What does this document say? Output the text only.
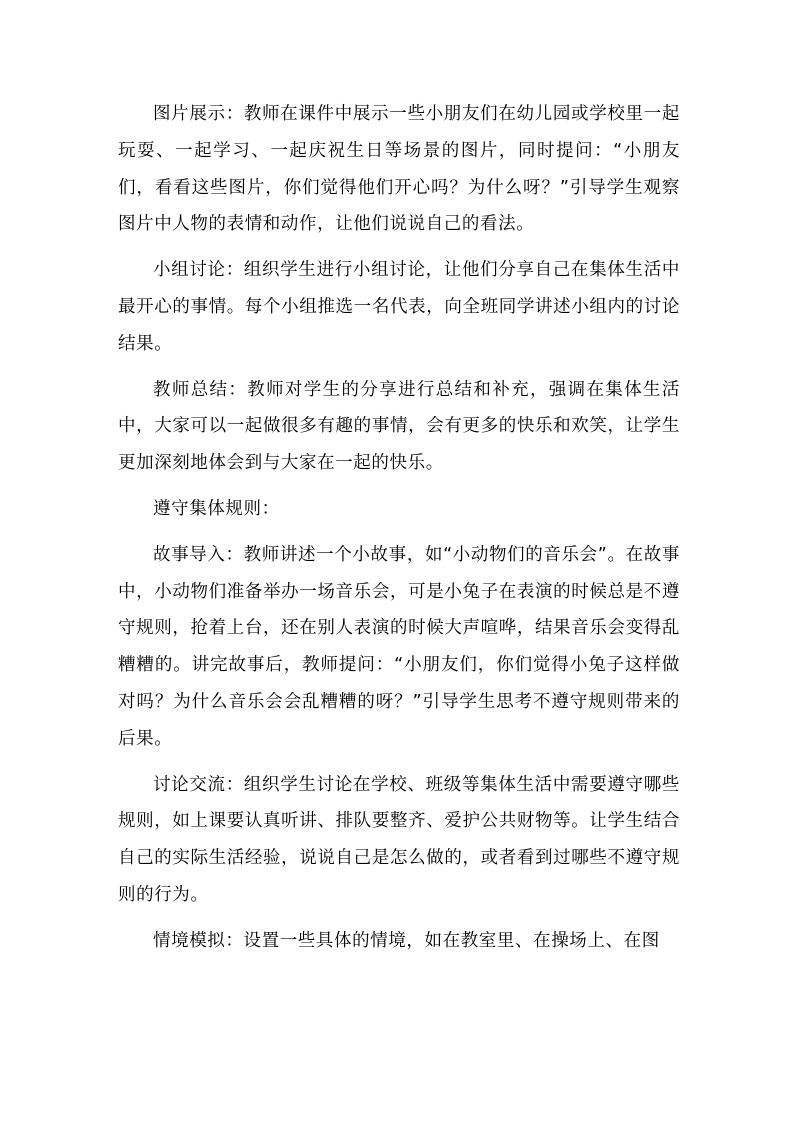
图片展示：教师在课件中展示一些小朋友们在幼儿园或学校里一起玩耍、一起学习、一起庆祝生日等场景的图片，同时提问：“小朋友们，看看这些图片，你们觉得他们开心吗？为什么呀？”引导学生观察图片中人物的表情和动作，让他们说说自己的看法。

小组讨论：组织学生进行小组讨论，让他们分享自己在集体生活中最开心的事情。每个小组推选一名代表，向全班同学讲述小组内的讨论结果。

教师总结：教师对学生的分享进行总结和补充，强调在集体生活中，大家可以一起做很多有趣的事情，会有更多的快乐和欢笑，让学生更加深刻地体会到与大家在一起的快乐。

遵守集体规则：

故事导入：教师讲述一个小故事，如“小动物们的音乐会”。在故事中，小动物们准备举办一场音乐会，可是小兔子在表演的时候总是不遵守规则，抢着上台，还在别人表演的时候大声喧哗，结果音乐会变得乱糟糟的。讲完故事后，教师提问：“小朋友们，你们觉得小兔子这样做对吗？为什么音乐会会乱糟糟的呀？”引导学生思考不遵守规则带来的后果。

讨论交流：组织学生讨论在学校、班级等集体生活中需要遵守哪些规则，如上课要认真听讲、排队要整齐、爱护公共财物等。让学生结合自己的实际生活经验，说说自己是怎么做的，或者看到过哪些不遵守规则的行为。

情境模拟：设置一些具体的情境，如在教室里、在操场上、在图
